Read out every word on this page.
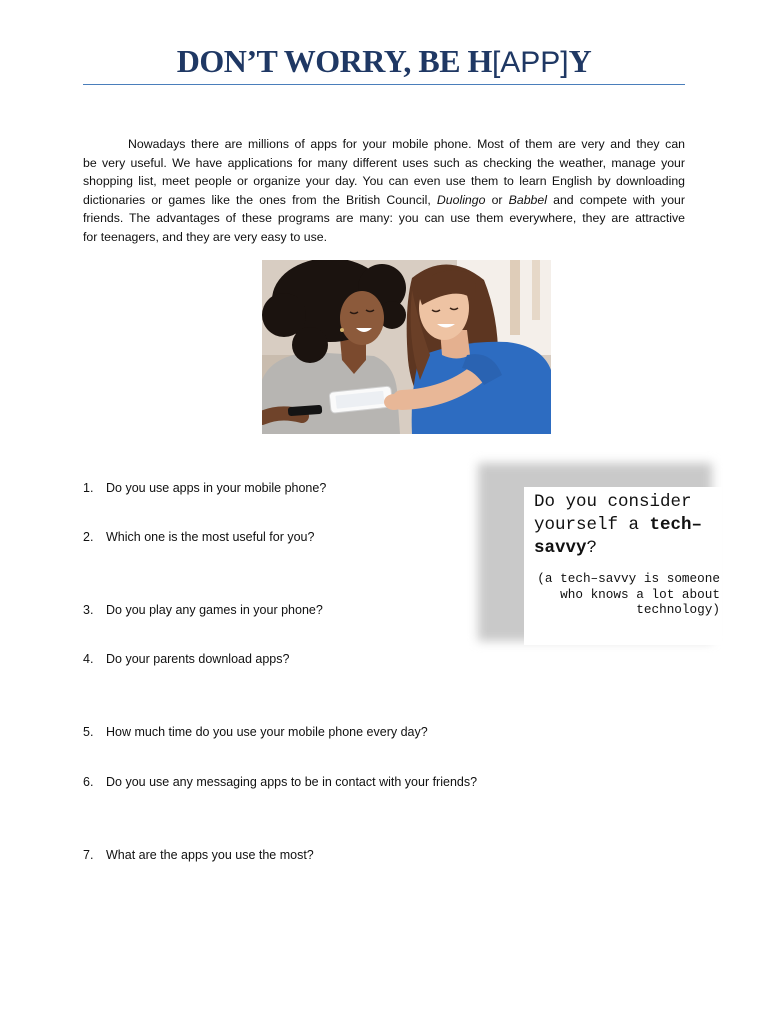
DON’T WORRY, BE H[APP]Y
Nowadays there are millions of apps for your mobile phone. Most of them are very and they can
be very useful. We have applications for many different uses such as checking the weather, manage your
shopping list, meet people or organize your day. You can even use them to learn English by downloading
dictionaries or games like the ones from the British Council, Duolingo or Babbel and compete with your
friends. The advantages of these programs are many: you can use them everywhere, they are attractive
for teenagers, and they are very easy to use.
1. Do you use apps in your mobile phone?
2. Which one is the most useful for you?
3. Do you play any games in your phone?
4. Do your parents download apps?
5. How much time do you use your mobile phone every day?
6. Do you use any messaging apps to be in contact with your friends?
7. What are the apps you use the most?
Do you consider
yourself a tech–
savvy?
(a tech–savvy is someone
who knows a lot about
technology)
